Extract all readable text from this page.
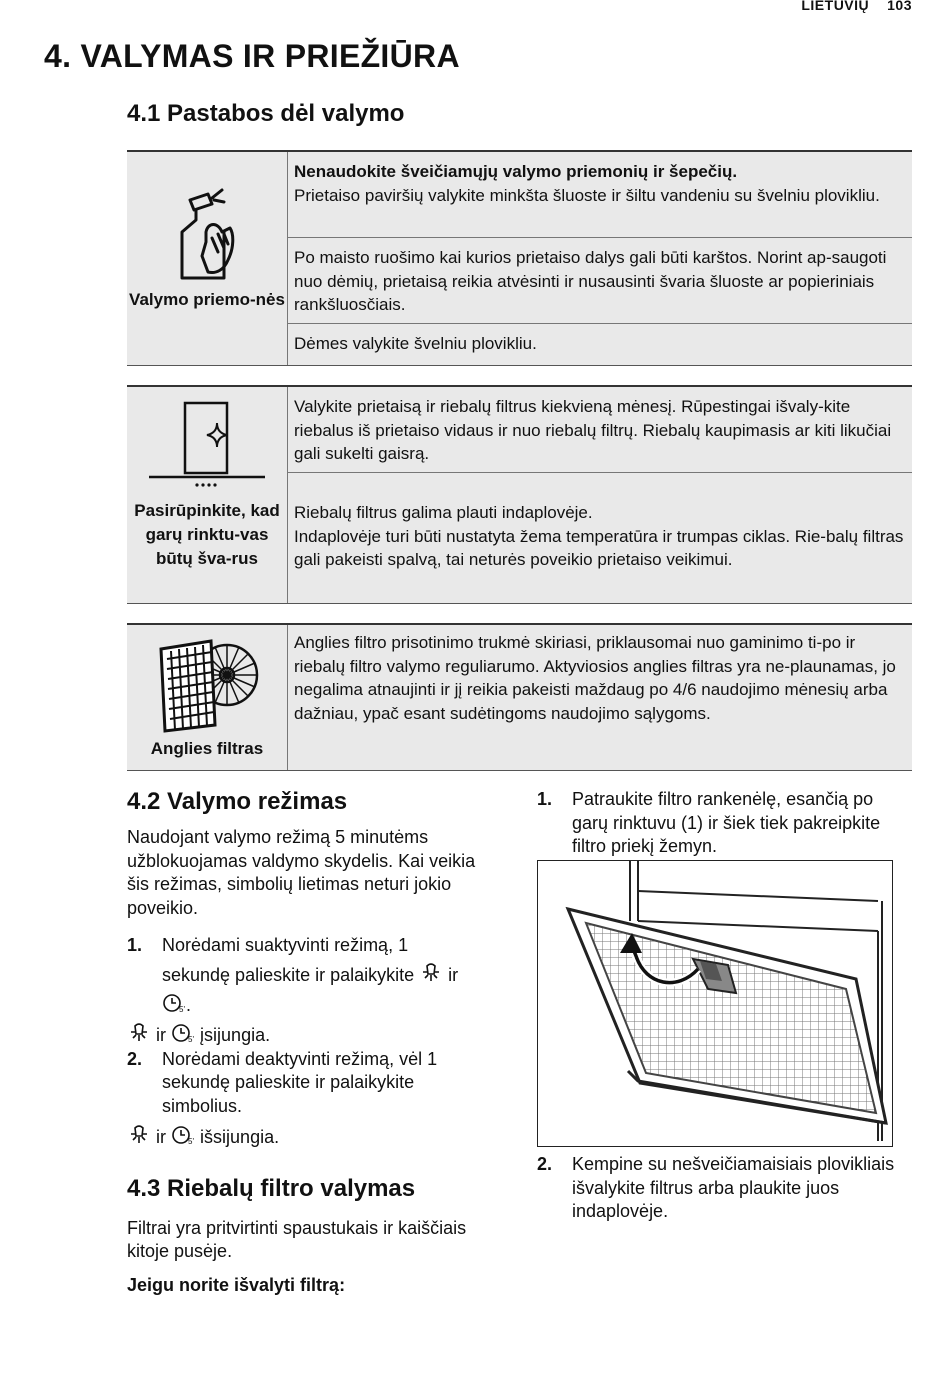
LIETUVIŲ 103
4. VALYMAS IR PRIEŽIŪRA
4.1 Pastabos dėl valymo
Valymo priemo-nės
Nenaudokite šveičiamųjų valymo priemonių ir šepečių.
Prietaiso paviršių valykite minkšta šluoste ir šiltu vandeniu su švelniu plovikliu.
Po maisto ruošimo kai kurios prietaiso dalys gali būti karštos. Norint ap-saugoti nuo dėmių, prietaisą reikia atvėsinti ir nusausinti švaria šluoste ar popieriniais rankšluosčiais.
Dėmes valykite švelniu plovikliu.
Pasirūpinkite, kad garų rinktu-vas būtų šva-rus
Valykite prietaisą ir riebalų filtrus kiekvieną mėnesį. Rūpestingai išvaly-kite riebalus iš prietaiso vidaus ir nuo riebalų filtrų. Riebalų kaupimasis ar kiti likučiai gali sukelti gaisrą.
Riebalų filtrus galima plauti indaplovėje.
Indaplovėje turi būti nustatyta žema temperatūra ir trumpas ciklas. Rie-balų filtras gali pakeisti spalvą, tai neturės poveikio prietaiso veikimui.
Anglies filtras
Anglies filtro prisotinimo trukmė skiriasi, priklausomai nuo gaminimo ti-po ir riebalų filtro valymo reguliarumo. Aktyviosios anglies filtras yra ne-plaunamas, jo negalima atnaujinti ir jį reikia pakeisti maždaug po 4/6 naudojimo mėnesių arba dažniau, ypač esant sudėtingoms naudojimo sąlygoms.
4.2 Valymo režimas

Naudojant valymo režimą 5 minutėms užblokuojamas valdymo skydelis. Kai veikia šis režimas, simbolių lietimas neturi jokio poveikio.

1. Norėdami suaktyvinti režimą, 1
sekundę palieskite ir palaikykite ir

5' .

ir	5' įsijungia.

2. Norėdami deaktyvinti režimą, vėl 1 sekundę palieskite ir palaikykite simbolius.

ir	5' išsijungia.

4.3 Riebalų filtro valymas

Filtrai yra pritvirtinti spaustukais ir kaiščiais kitoje pusėje.

Jeigu norite išvalyti filtrą:

1. Patraukite filtro rankenėlę, esančią po garų rinktuvu (1) ir šiek tiek pakreipkite filtro priekį žemyn.
2. Kempine su nešveičiamaisiais plovikliais išvalykite filtrus arba plaukite juos indaplovėje.
